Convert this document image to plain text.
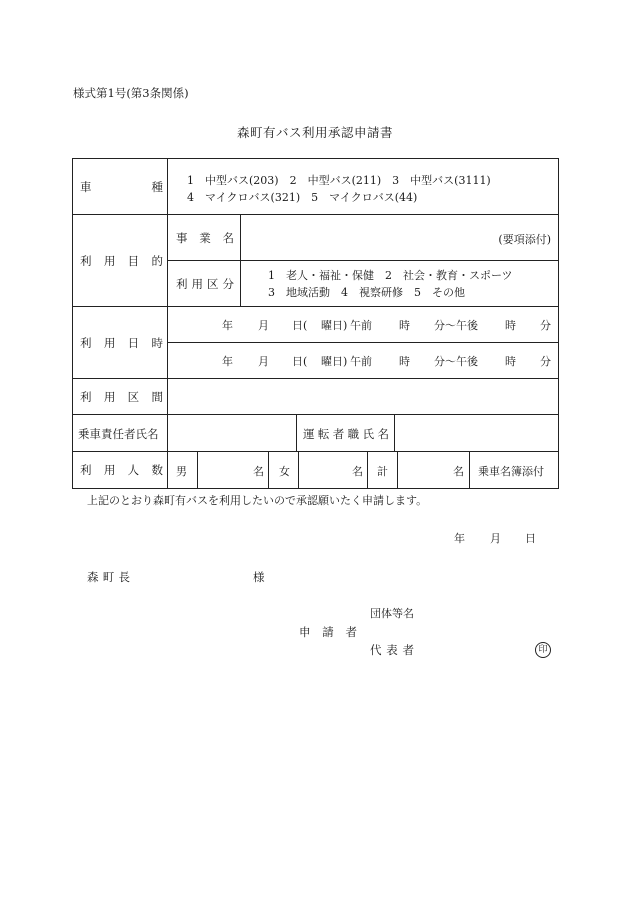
様式第1号(第3条関係)
森町有バス利用承認申請書
車	種 1　中型バス(203)　2　中型バス(211)　3　中型バス(3111)
4　マイクロバス(321)　5　マイクロバス(44)
利 用 目 的
事 業 名	(要項添付)
利 用 区 分
1　老人・福祉・保健　2　社会・教育・スポーツ
3　地域活動　4　視察研修　5　その他
利 用 日 時
年 月 日( 曜日) 午前 時 分～午後 時 分
年 月 日( 曜日) 午前 時 分～午後 時 分
利 用 区 間
乗車責任者氏名	運 転 者 職 氏 名
利 用 人 数 男	名 女	名 計	名 乗車名簿添付
上記のとおり森町有バスを利用したいので承認願いたく申請します。
年 月 日
森 町 長	様
団体等名
申 請 者
代 表 者	印
